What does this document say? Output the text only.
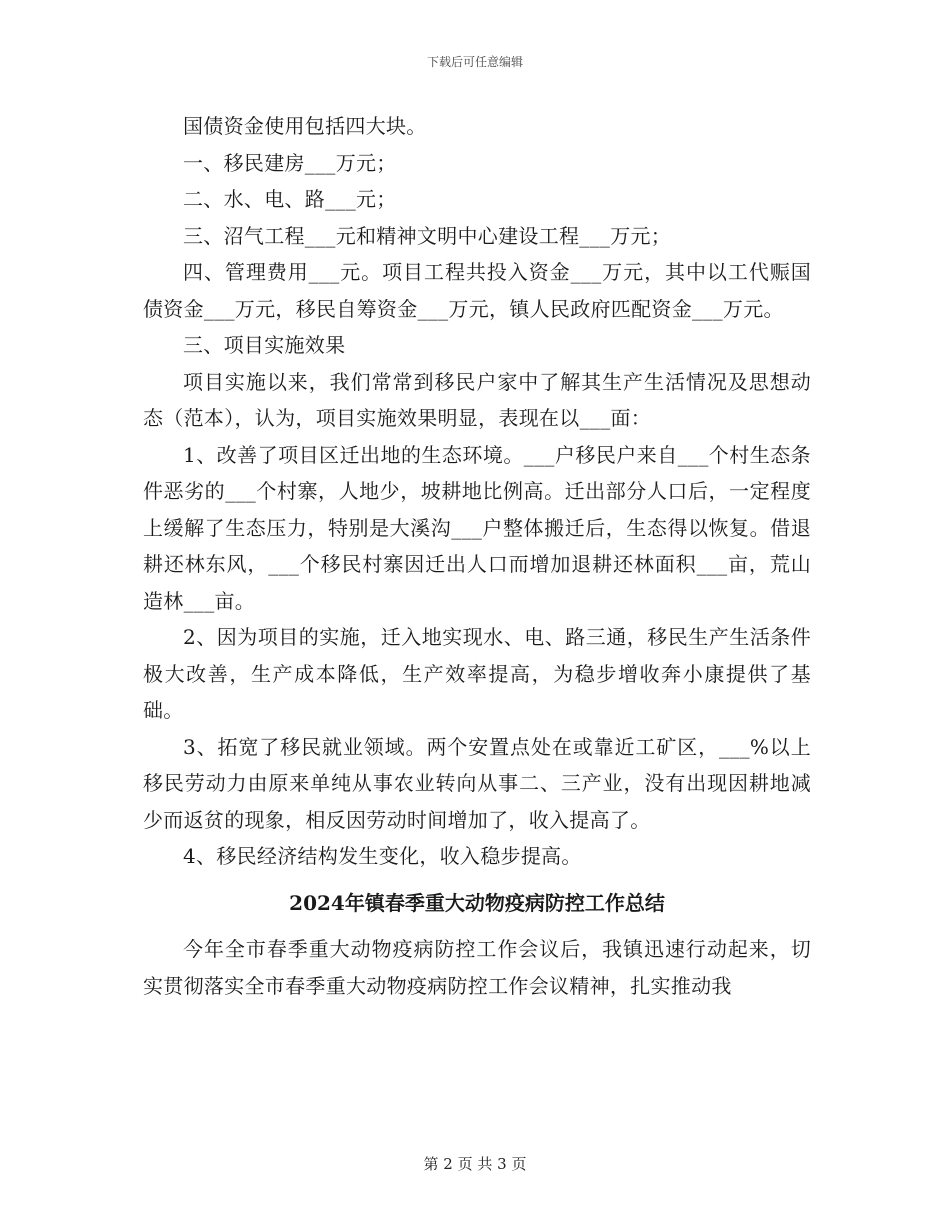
下载后可任意编辑

国债资金使用包括四大块。

一、移民建房___万元；

二、水、电、路___元；

三、沼气工程___元和精神文明中心建设工程___万元；

四、管理费用___元。项目工程共投入资金___万元，其中以工代赈国债资金___万元，移民自筹资金___万元，镇人民政府匹配资金___万元。

三、项目实施效果

项目实施以来，我们常常到移民户家中了解其生产生活情况及思想动态（范本），认为，项目实施效果明显，表现在以___面：

1、改善了项目区迁出地的生态环境。___户移民户来自___个村生态条件恶劣的___个村寨，人地少，坡耕地比例高。迁出部分人口后，一定程度上缓解了生态压力，特别是大溪沟___户整体搬迁后，生态得以恢复。借退耕还林东风，___个移民村寨因迁出人口而增加退耕还林面积___亩，荒山造林___亩。

2、因为项目的实施，迁入地实现水、电、路三通，移民生产生活条件极大改善，生产成本降低，生产效率提高，为稳步增收奔小康提供了基础。

3、拓宽了移民就业领域。两个安置点处在或靠近工矿区，___%以上移民劳动力由原来单纯从事农业转向从事二、三产业，没有出现因耕地减少而返贫的现象，相反因劳动时间增加了，收入提高了。

4、移民经济结构发生变化，收入稳步提高。

2024年镇春季重大动物疫病防控工作总结

今年全市春季重大动物疫病防控工作会议后，我镇迅速行动起来，切实贯彻落实全市春季重大动物疫病防控工作会议精神，扎实推动我

第 2 页 共 3 页
